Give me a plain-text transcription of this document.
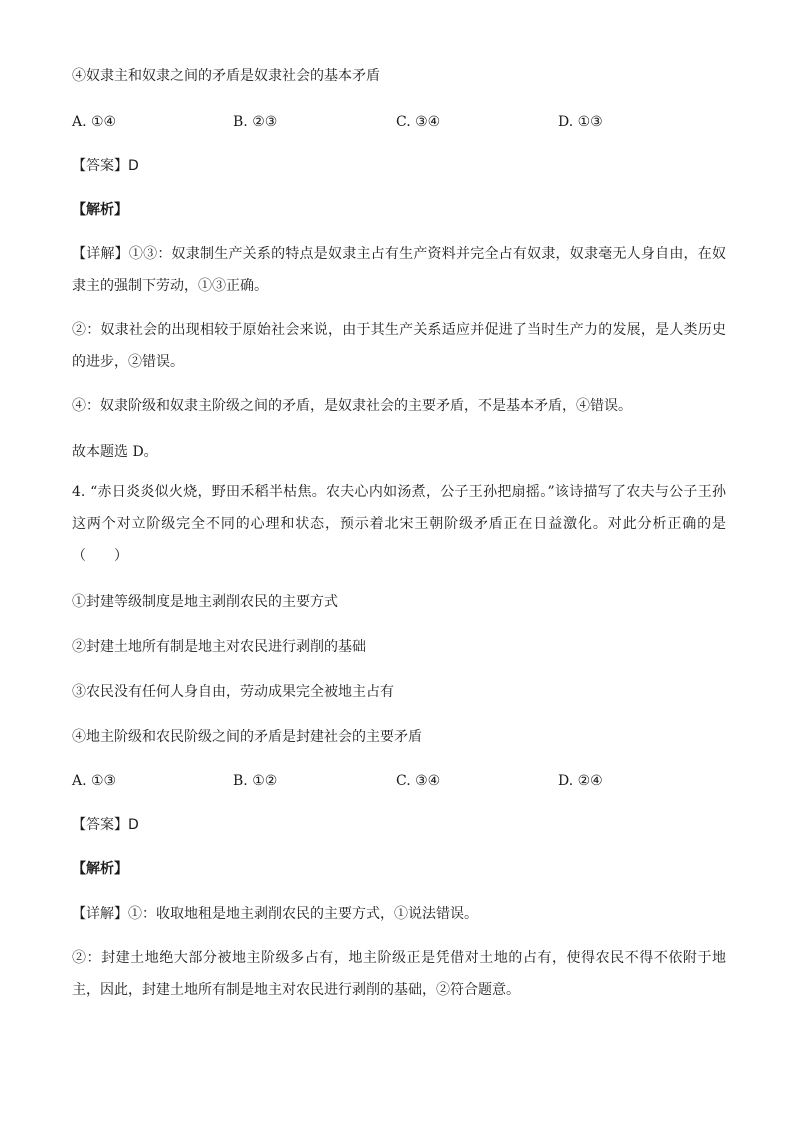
④奴隶主和奴隶之间的矛盾是奴隶社会的基本矛盾
A. ①④	B. ②③	C. ③④	D. ①③
【答案】D
【解析】
【详解】①③：奴隶制生产关系的特点是奴隶主占有生产资料并完全占有奴隶，奴隶毫无人身自由，在奴隶主的强制下劳动，①③正确。
②：奴隶社会的出现相较于原始社会来说，由于其生产关系适应并促进了当时生产力的发展，是人类历史的进步，②错误。
④：奴隶阶级和奴隶主阶级之间的矛盾，是奴隶社会的主要矛盾，不是基本矛盾，④错误。
故本题选 D。
4. “赤日炎炎似火烧，野田禾稻半枯焦。农夫心内如汤煮，公子王孙把扇摇。”该诗描写了农夫与公子王孙这两个对立阶级完全不同的心理和状态，预示着北宋王朝阶级矛盾正在日益激化。对此分析正确的是（　　）
①封建等级制度是地主剥削农民的主要方式
②封建土地所有制是地主对农民进行剥削的基础
③农民没有任何人身自由，劳动成果完全被地主占有
④地主阶级和农民阶级之间的矛盾是封建社会的主要矛盾
A. ①③	B. ①②	C. ③④	D. ②④
【答案】D
【解析】
【详解】①：收取地租是地主剥削农民的主要方式，①说法错误。
②：封建土地绝大部分被地主阶级多占有，地主阶级正是凭借对土地的占有，使得农民不得不依附于地主，因此，封建土地所有制是地主对农民进行剥削的基础，②符合题意。
